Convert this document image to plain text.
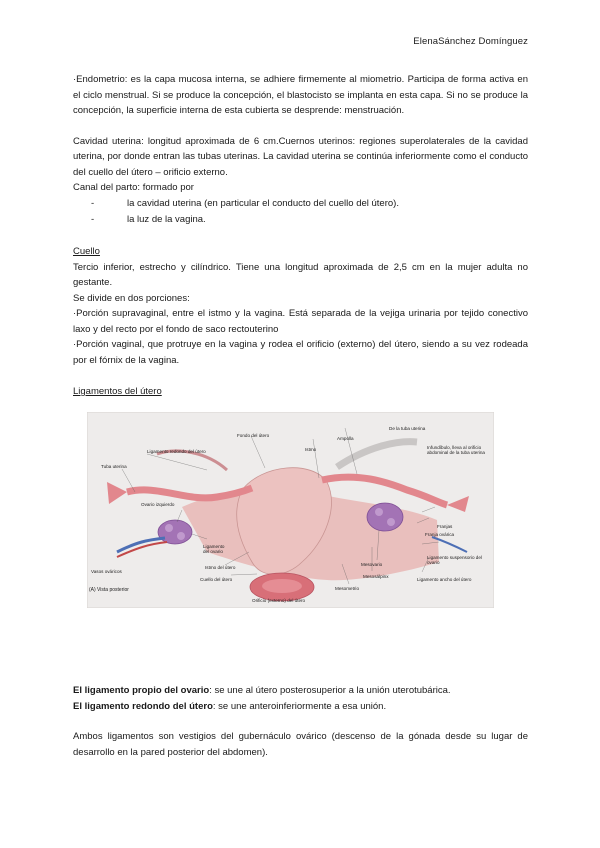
ElenaSánchez Domínguez

·Endometrio: es la capa mucosa interna, se adhiere firmemente al miometrio. Participa de forma activa en el ciclo menstrual. Si se produce la concepción, el blastocisto se implanta en esta capa. Si no se produce la concepción, la superficie interna de esta cubierta se desprende: menstruación.

Cavidad uterina: longitud aproximada de 6 cm.Cuernos uterinos: regiones superolaterales de la cavidad uterina, por donde entran las tubas uterinas. La cavidad uterina se continúa inferiormente como el conducto del cuello del útero – orificio externo.

Canal del parto: formado por

-	la cavidad uterina (en particular el conducto del cuello del útero).
-	la luz de la vagina.

Cuello

Tercio inferior, estrecho y cilíndrico. Tiene una longitud aproximada de 2,5 cm en la mujer adulta no gestante.

Se divide en dos porciones:

·Porción supravaginal, entre el istmo y la vagina. Está separada de la vejiga urinaria por tejido conectivo laxo y del recto por el fondo de saco rectouterino

·Porción vaginal, que protruye en la vagina y rodea el orificio (externo) del útero, siendo a su vez rodeada por el fórnix de la vagina.

Ligamentos del útero

Ligamento redondo del útero
Fondo del útero
Ampolla
De la tuba uterina
Istmo	Infundíbulo, lleva al orificio abdominal de la tuba uterina
Tuba uterina
Ovario izquierdo
Franjas
Franja ovárica
Ligamento del ovario
Vasos ováricos
Istmo del útero
Cuello del útero
Mesovario
Mesosálpinx
Ligamento suspensorio del ovario
Ligamento ancho del útero
Mesometrio
Orificio (externo) del útero
(A) Vista posterior

El ligamento propio del ovario: se une al útero posterosuperior a la unión uterotubárica.

El ligamento redondo del útero: se une anteroinferiormente a esa unión.

Ambos ligamentos son vestigios del gubernáculo ovárico (descenso de la gónada desde su lugar de desarrollo en la pared posterior del abdomen).
